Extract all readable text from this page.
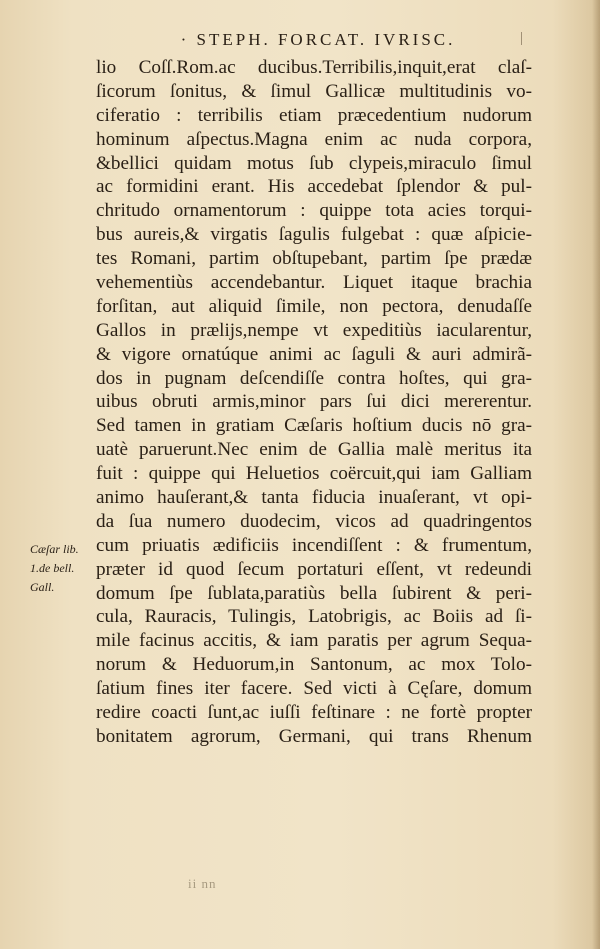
· STEPH. FORCAT. IVRISC.	|
lio Coſſ.Rom.ac ducibus.Terribilis,inquit,erat claſ-
ſicorum ſonitus, & ſimul Gallicæ multitudinis vo-
ciferatio : terribilis etiam præcedentium nudorum
hominum aſpectus.Magna enim ac nuda corpora,
&bellici quidam motus ſub clypeis,miraculo ſimul
ac formidini erant. His accedebat ſplendor & pul-
chritudo ornamentorum : quippe tota acies torqui-
bus aureis,& virgatis ſagulis fulgebat : quæ aſpicie-
tes Romani, partim obſtupebant, partim ſpe prædæ
vehementiùs accendebantur. Liquet itaque brachia
forſitan, aut aliquid ſimile, non pectora, denudaſſe
Gallos in prælijs,nempe vt expeditiùs iacularentur,
& vigore ornatúque animi ac ſaguli & auri admirã-
dos in pugnam deſcendiſſe contra hoſtes, qui gra-
uibus obruti armis,minor pars ſui dici mererentur.
Sed tamen in gratiam Cæſaris hoſtium ducis nō gra-
uatè paruerunt.Nec enim de Gallia malè meritus ita
fuit : quippe qui Heluetios coërcuit,qui iam Galliam
animo hauſerant,& tanta fiducia inuaſerant, vt opi-
da ſua numero duodecim, vicos ad quadringentos
cum priuatis ædificiis incendiſſent : & frumentum,
præter id quod ſecum portaturi eſſent, vt redeundi
domum ſpe ſublata,paratiùs bella ſubirent & peri-
cula, Rauracis, Tulingis, Latobrigis, ac Boiis ad ſi-
mile facinus accitis, & iam paratis per agrum Sequa-
norum & Heduorum,in Santonum, ac mox Tolo-
ſatium fines iter facere. Sed victi à Cęſare, domum
redire coacti ſunt,ac iuſſi feſtinare : ne fortè propter
bonitatem agrorum, Germani, qui trans Rhenum
Cæſar lib.
1.de bell.
Gall.
ii nn
